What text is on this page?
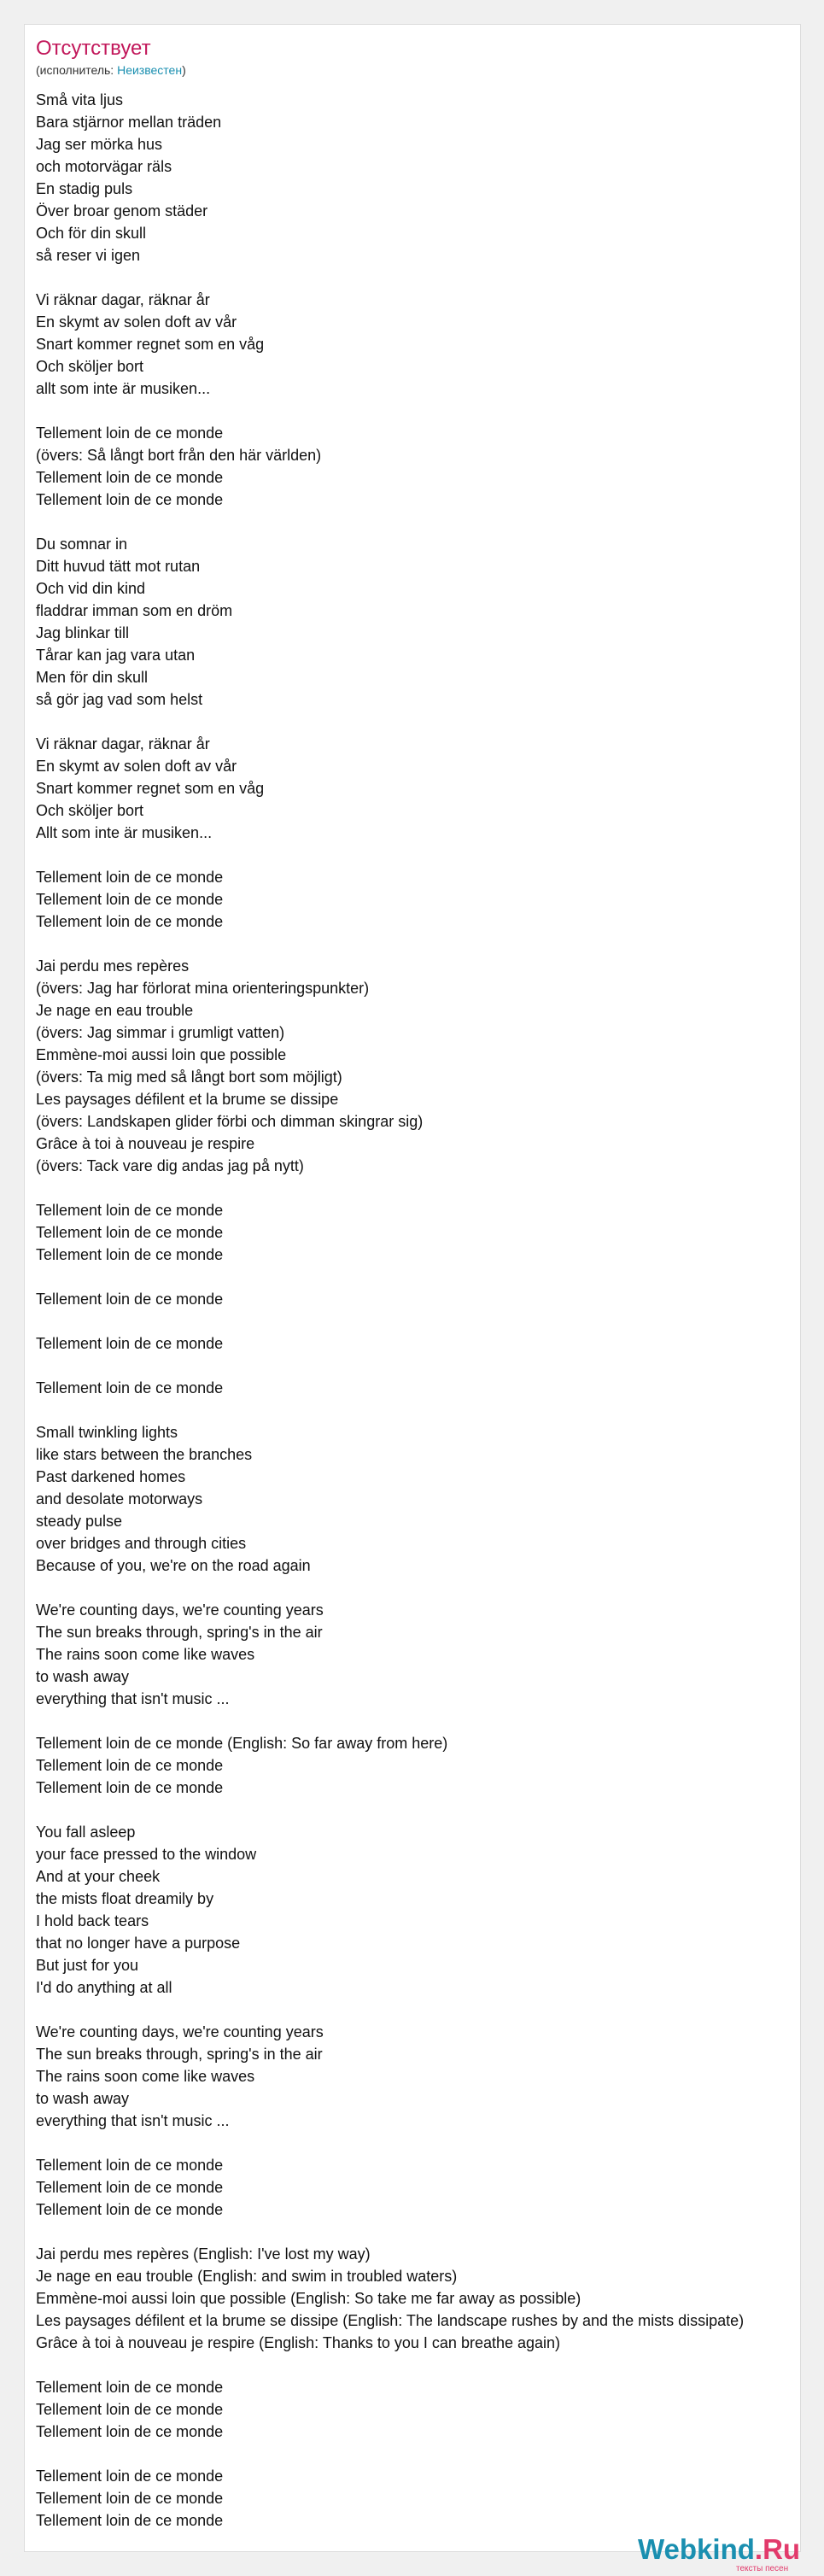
Отсутствует
(исполнитель: Неизвестен)
Små vita ljus
Bara stjärnor mellan träden
Jag ser mörka hus
och motorvägar räls
En stadig puls
Över broar genom städer
Och för din skull
så reser vi igen
Vi räknar dagar, räknar år
En skymt av solen doft av vår
Snart kommer regnet som en våg
Och sköljer bort
allt som inte är musiken...
Tellement loin de ce monde
(övers: Så långt bort från den här världen)
Tellement loin de ce monde
Tellement loin de ce monde
Du somnar in
Ditt huvud tätt mot rutan
Och vid din kind
fladdrar imman som en dröm
Jag blinkar till
Tårar kan jag vara utan
Men för din skull
så gör jag vad som helst
Vi räknar dagar, räknar år
En skymt av solen doft av vår
Snart kommer regnet som en våg
Och sköljer bort
Allt som inte är musiken...
Tellement loin de ce monde
Tellement loin de ce monde
Tellement loin de ce monde
Jai perdu mes repères
(övers: Jag har förlorat mina orienteringspunkter)
Je nage en eau trouble
(övers: Jag simmar i grumligt vatten)
Emmène-moi aussi loin que possible
(övers: Ta mig med så långt bort som möjligt)
Les paysages défilent et la brume se dissipe
(övers: Landskapen glider förbi och dimman skingrar sig)
Grâce à toi à nouveau je respire
(övers: Tack vare dig andas jag på nytt)
Tellement loin de ce monde
Tellement loin de ce monde
Tellement loin de ce monde
Tellement loin de ce monde
Tellement loin de ce monde
Tellement loin de ce monde
Small twinkling lights
like stars between the branches
Past darkened homes
and desolate motorways
steady pulse
over bridges and through cities
Because of you, we're on the road again
We're counting days, we're counting years
The sun breaks through, spring's in the air
The rains soon come like waves
to wash away
everything that isn't music ...
Tellement loin de ce monde (English: So far away from here)
Tellement loin de ce monde
Tellement loin de ce monde
You fall asleep
your face pressed to the window
And at your cheek
the mists float dreamily by
I hold back tears
that no longer have a purpose
But just for you
I'd do anything at all
We're counting days, we're counting years
The sun breaks through, spring's in the air
The rains soon come like waves
to wash away
everything that isn't music ...
Tellement loin de ce monde
Tellement loin de ce monde
Tellement loin de ce monde
Jai perdu mes repères (English: I've lost my way)
Je nage en eau trouble (English: and swim in troubled waters)
Emmène-moi aussi loin que possible (English: So take me far away as possible)
Les paysages défilent et la brume se dissipe (English: The landscape rushes by and the mists dissipate)
Grâce à toi à nouveau je respire (English: Thanks to you I can breathe again)
Tellement loin de ce monde
Tellement loin de ce monde
Tellement loin de ce monde
Tellement loin de ce monde
Tellement loin de ce monde
Tellement loin de ce monde
Webkind.Ru
тексты песен
